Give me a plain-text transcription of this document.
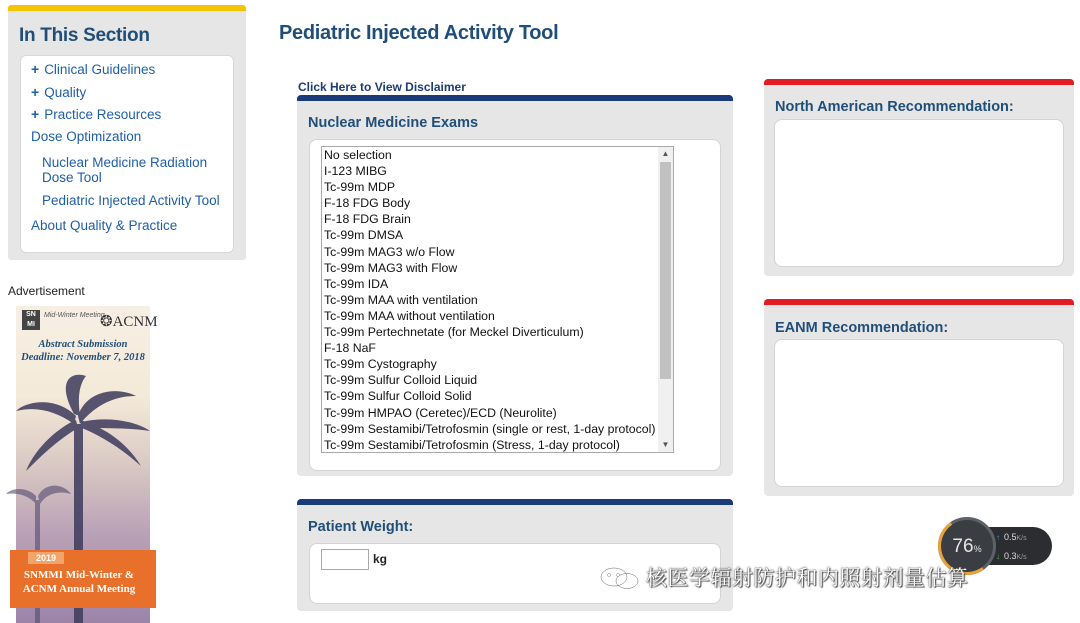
In This Section
+ Clinical Guidelines
+ Quality
+ Practice Resources
Dose Optimization
Nuclear Medicine Radiation
Dose Tool
Pediatric Injected Activity Tool
About Quality & Practice
Advertisement
SN
MI
Mid-Winter Meeting
❂ACNM
Abstract Submission
Deadline: November 7, 2018
2019
SNMMI Mid-Winter &
ACNM Annual Meeting
Pediatric Injected Activity Tool
Click Here to View Disclaimer
Nuclear Medicine Exams
No selection
I-123 MIBG
Tc-99m MDP
F-18 FDG Body
F-18 FDG Brain
Tc-99m DMSA
Tc-99m MAG3 w/o Flow
Tc-99m MAG3 with Flow
Tc-99m IDA
Tc-99m MAA with ventilation
Tc-99m MAA without ventilation
Tc-99m Pertechnetate (for Meckel Diverticulum)
F-18 NaF
Tc-99m Cystography
Tc-99m Sulfur Colloid Liquid
Tc-99m Sulfur Colloid Solid
Tc-99m HMPAO (Ceretec)/ECD (Neurolite)
Tc-99m Sestamibi/Tetrofosmin (single or rest, 1-day protocol)
Tc-99m Sestamibi/Tetrofosmin (Stress, 1-day protocol)
▲
▼
Patient Weight:
kg
North American Recommendation:
EANM Recommendation:
76%
↑ 0.5K/s
↓ 0.3K/s
核医学辐射防护和内照射剂量估算
